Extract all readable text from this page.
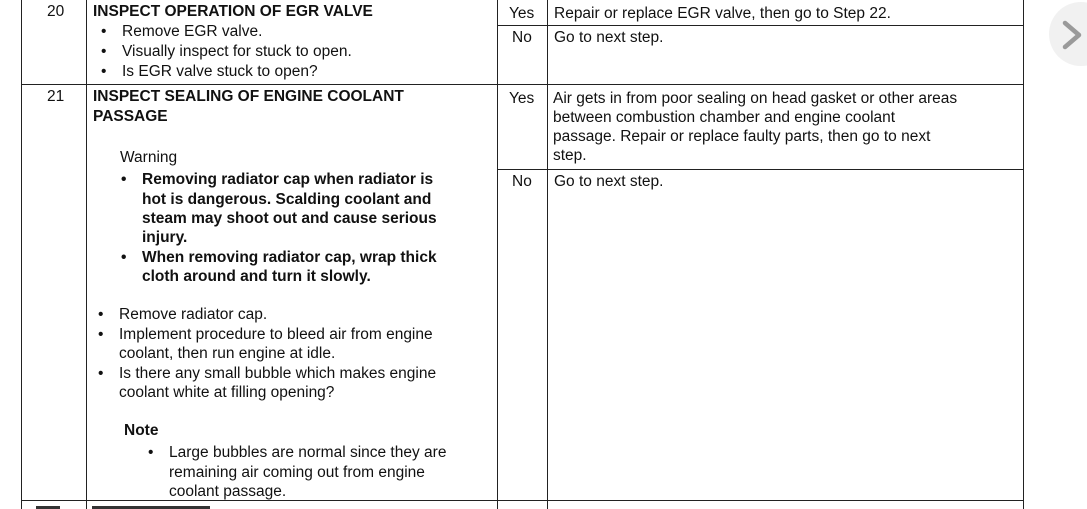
20 INSPECT OPERATION OF EGR VALVE
• Remove EGR valve.
• Visually inspect for stuck to open.
• Is EGR valve stuck to open?
Yes Repair or replace EGR valve, then go to Step 22.
No Go to next step.
21 INSPECT SEALING OF ENGINE COOLANT
PASSAGE
Warning
• Removing radiator cap when radiator is
hot is dangerous. Scalding coolant and
steam may shoot out and cause serious
injury.
• When removing radiator cap, wrap thick
cloth around and turn it slowly.
• Remove radiator cap.
• Implement procedure to bleed air from engine
coolant, then run engine at idle.
• Is there any small bubble which makes engine
coolant white at filling opening?
Note
• Large bubbles are normal since they are
remaining air coming out from engine
coolant passage.
Yes Air gets in from poor sealing on head gasket or other areas
between combustion chamber and engine coolant
passage. Repair or replace faulty parts, then go to next
step.
No Go to next step.
